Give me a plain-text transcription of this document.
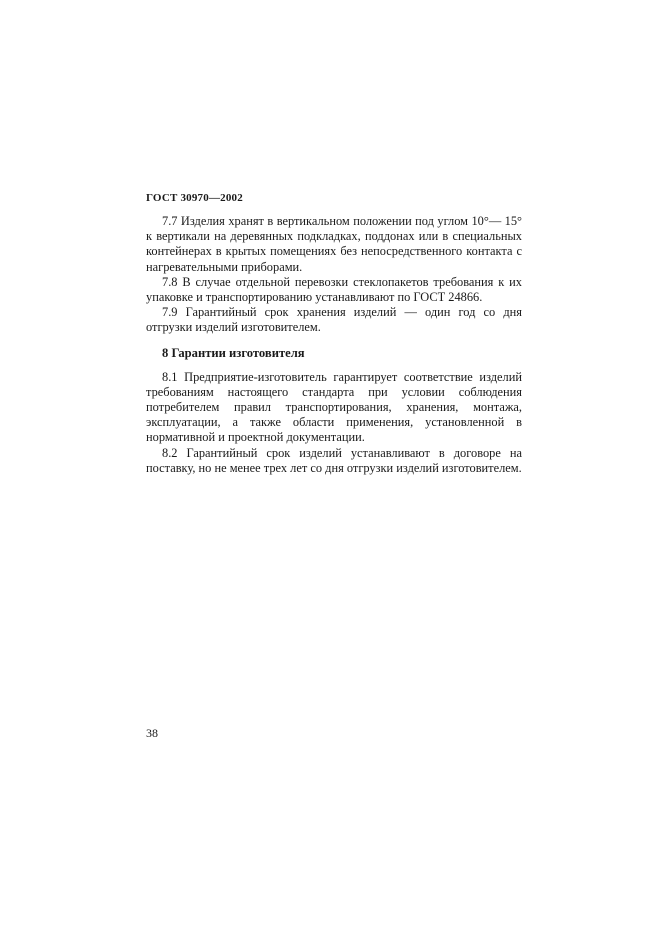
ГОСТ 30970—2002

7.7 Изделия хранят в вертикальном положении под углом 10°— 15° к вертикали на деревянных подкладках, поддонах или в специальных контейнерах в крытых помещениях без непосредственного контакта с нагревательными приборами.

7.8 В случае отдельной перевозки стеклопакетов требования к их упаковке и транспортированию устанавливают по ГОСТ 24866.

7.9 Гарантийный срок хранения изделий — один год со дня отгрузки изделий изготовителем.

8 Гарантии изготовителя

8.1 Предприятие-изготовитель гарантирует соответствие изделий требованиям настоящего стандарта при условии соблюдения потребителем правил транспортирования, хранения, монтажа, эксплуатации, а также области применения, установленной в нормативной и проектной документации.

8.2 Гарантийный срок изделий устанавливают в договоре на поставку, но не менее трех лет со дня отгрузки изделий изготовителем.

38
